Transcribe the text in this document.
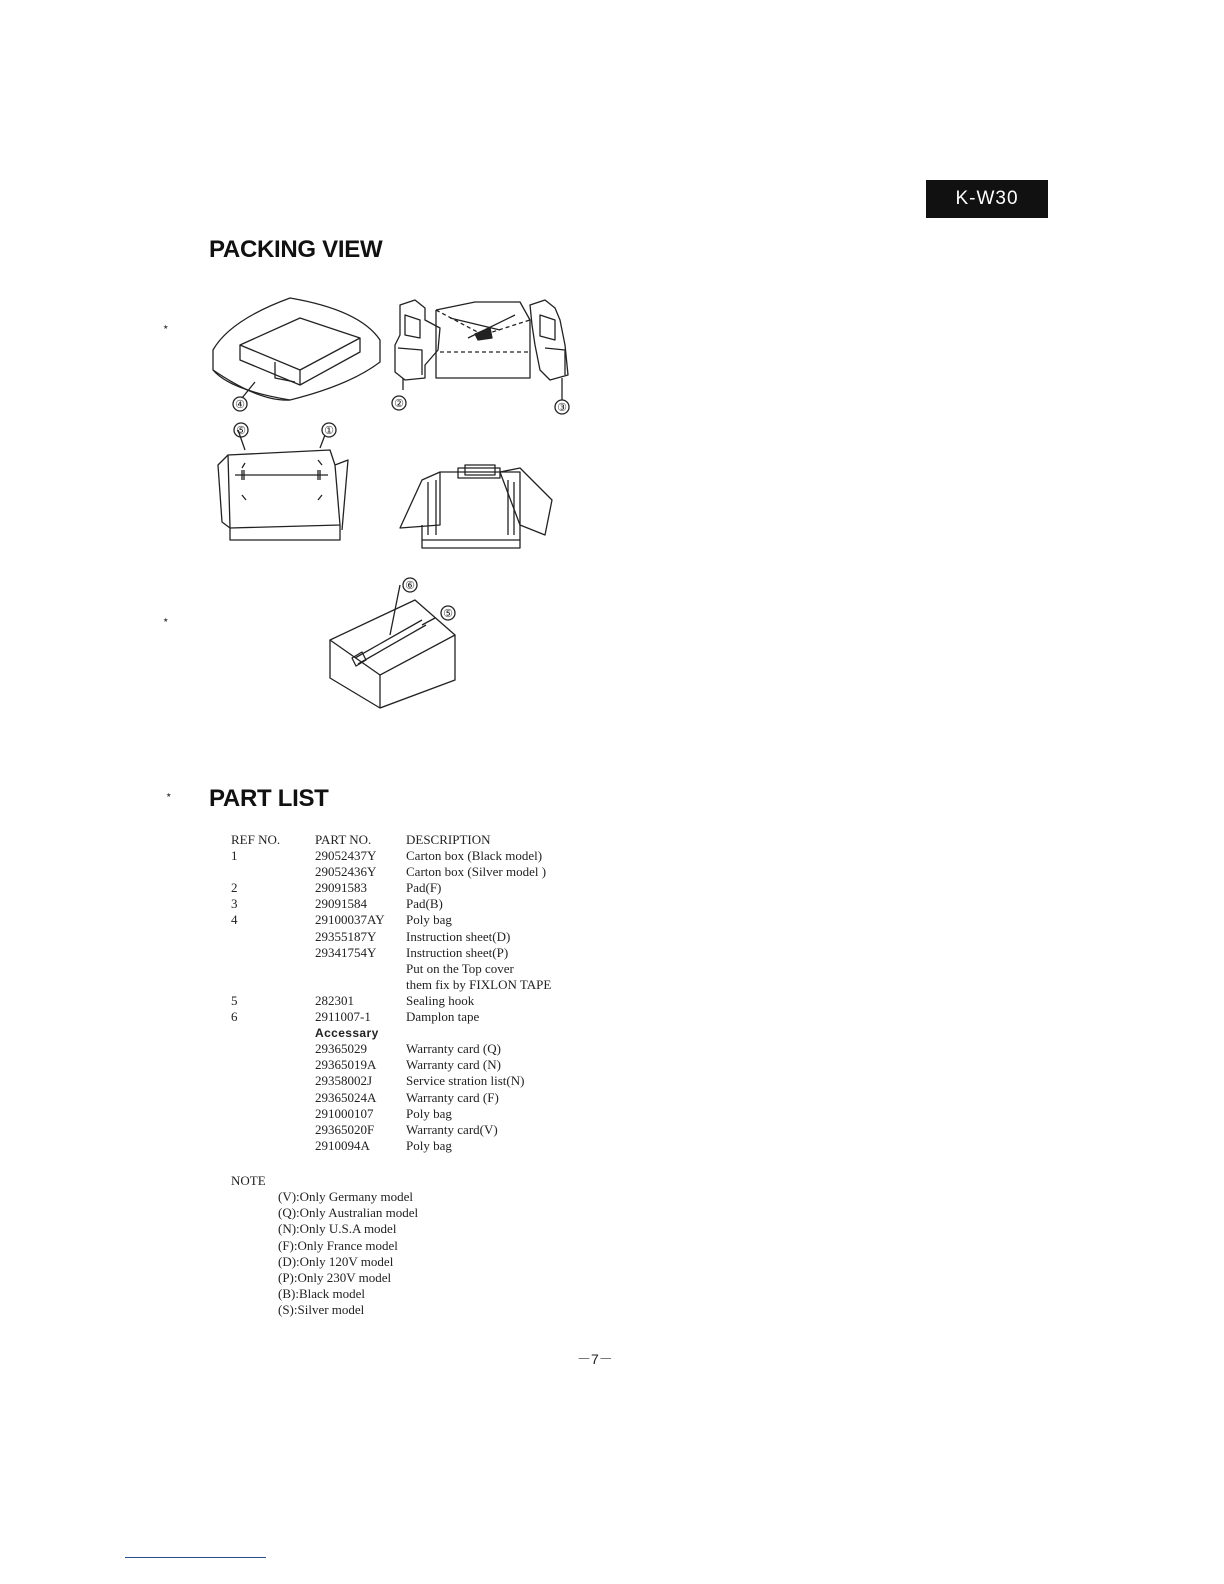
K-W30
PACKING VIEW
④	②	③
⑤	①
⑥
⑤
PART LIST
REF NO.	PART NO.	DESCRIPTION
1	29052437Y	Carton box (Black model)
29052436Y	Carton box (Silver model )
2	29091583	Pad(F)
3	29091584	Pad(B)
4	29100037AY	Poly bag
29355187Y	Instruction sheet(D)
29341754Y	Instruction sheet(P)
Put on the Top cover
them fix by FIXLON TAPE
5	282301	Sealing hook
6	2911007-1	Damplon tape
Accessary
29365029	Warranty card (Q)
29365019A	Warranty card (N)
29358002J	Service stration list(N)
29365024A	Warranty card (F)
291000107	Poly bag
29365020F	Warranty card(V)
2910094A	Poly bag
NOTE
(V):Only Germany model
(Q):Only Australian model
(N):Only U.S.A model
(F):Only France model
(D):Only 120V model
(P):Only 230V model
(B):Black model
(S):Silver model
－7－
٭
٭
٭
